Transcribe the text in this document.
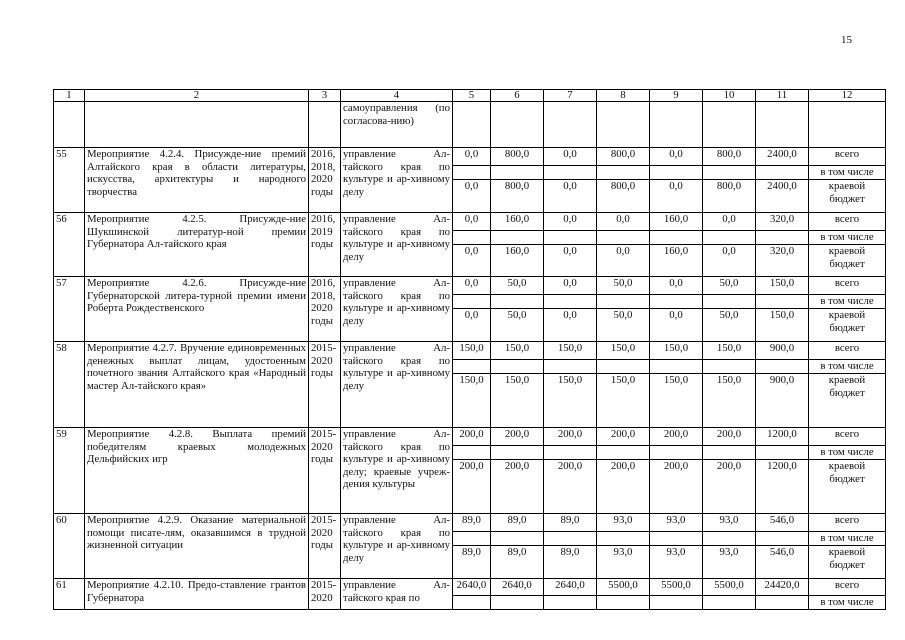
15
1	2	3	4	5	6	7	8	9	10	11	12
			самоуправления (по согласова-нию)								
55	Мероприятие 4.2.4. Присужде-ние премий Алтайского края в области литературы, искусства, архитектуры и народного творчества	2016, 2018, 2020 годы	управление Ал-тайского края по культуре и ар-хивному делу	0,0	800,0	0,0	800,0	0,0	800,0	2400,0	всего
											в том числе
				0,0	800,0	0,0	800,0	0,0	800,0	2400,0	краевой бюджет
56	Мероприятие 4.2.5. Присужде-ние Шукшинской литератур-ной премии Губернатора Ал-тайского края	2016, 2019 годы	управление Ал-тайского края по культуре и ар-хивному делу	0,0	160,0	0,0	0,0	160,0	0,0	320,0	всего
											в том числе
				0,0	160,0	0,0	0,0	160,0	0,0	320,0	краевой бюджет
57	Мероприятие 4.2.6. Присужде-ние Губернаторской литера-турной премии имени Роберта Рождественского	2016, 2018, 2020 годы	управление Ал-тайского края по культуре и ар-хивному делу	0,0	50,0	0,0	50,0	0,0	50,0	150,0	всего
											в том числе
				0,0	50,0	0,0	50,0	0,0	50,0	150,0	краевой бюджет
58	Мероприятие 4.2.7. Вручение единовременных денежных выплат лицам, удостоенным почетного звания Алтайского края «Народный мастер Ал-тайского края»	2015-2020 годы	управление Ал-тайского края по культуре и ар-хивному делу	150,0	150,0	150,0	150,0	150,0	150,0	900,0	всего
											в том числе
				150,0	150,0	150,0	150,0	150,0	150,0	900,0	краевой бюджет
59	Мероприятие 4.2.8. Выплата премий победителям краевых молодежных Дельфийских игр	2015-2020 годы	управление Ал-тайского края по культуре и ар-хивному делу; краевые учреж-дения культуры	200,0	200,0	200,0	200,0	200,0	200,0	1200,0	всего
											в том числе
				200,0	200,0	200,0	200,0	200,0	200,0	1200,0	краевой бюджет
60	Мероприятие 4.2.9. Оказание материальной помощи писате-лям, оказавшимся в трудной жизненной ситуации	2015-2020 годы	управление Ал-тайского края по культуре и ар-хивному делу	89,0	89,0	89,0	93,0	93,0	93,0	546,0	всего
											в том числе
				89,0	89,0	89,0	93,0	93,0	93,0	546,0	краевой бюджет
61	Мероприятие 4.2.10. Предо-ставление грантов Губернатора	2015-2020	управление Ал-тайского края по	2640,0	2640,0	2640,0	5500,0	5500,0	5500,0	24420,0	всего
											в том числе
